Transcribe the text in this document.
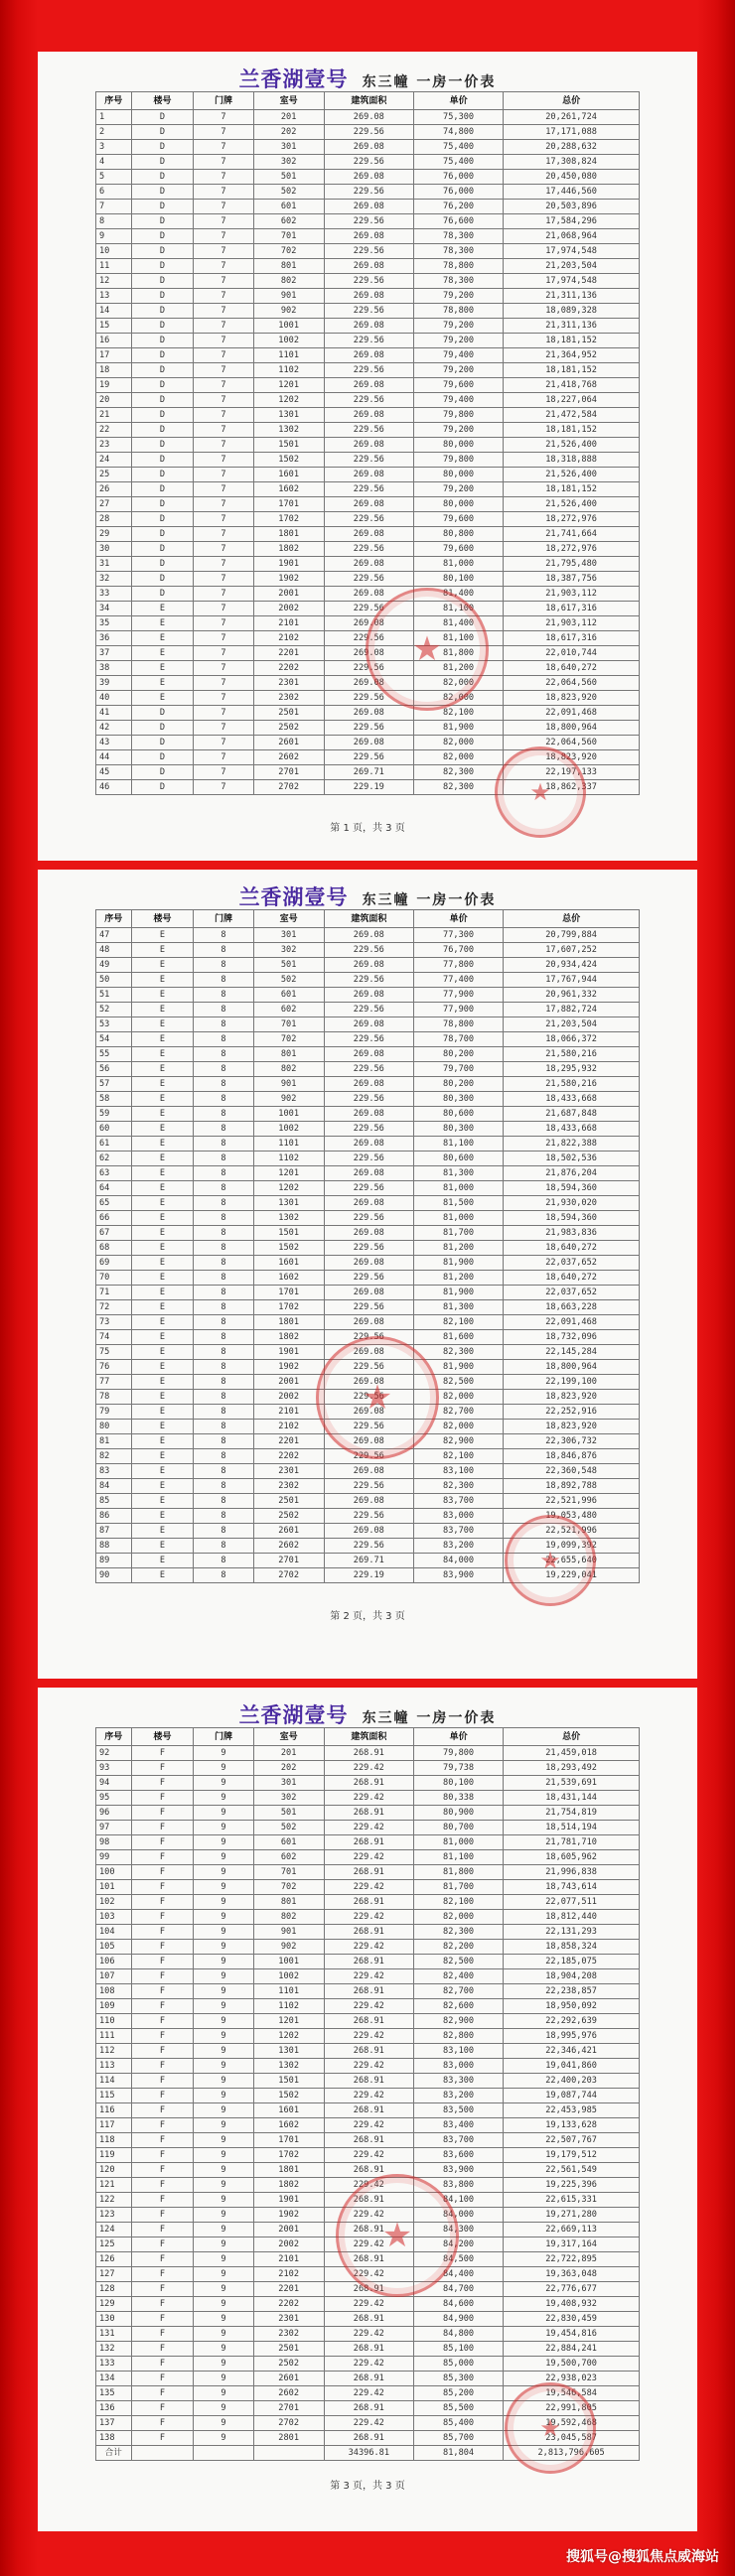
兰香湖壹号 东三幢 一房一价表
序号	楼号	门牌	室号	建筑面积	单价	总价
1	D	7	201	269.08	75,300	20,261,724
2	D	7	202	229.56	74,800	17,171,088
3	D	7	301	269.08	75,400	20,288,632
4	D	7	302	229.56	75,400	17,308,824
5	D	7	501	269.08	76,000	20,450,080
6	D	7	502	229.56	76,000	17,446,560
7	D	7	601	269.08	76,200	20,503,896
8	D	7	602	229.56	76,600	17,584,296
9	D	7	701	269.08	78,300	21,068,964
10	D	7	702	229.56	78,300	17,974,548
11	D	7	801	269.08	78,800	21,203,504
12	D	7	802	229.56	78,300	17,974,548
13	D	7	901	269.08	79,200	21,311,136
14	D	7	902	229.56	78,800	18,089,328
15	D	7	1001	269.08	79,200	21,311,136
16	D	7	1002	229.56	79,200	18,181,152
17	D	7	1101	269.08	79,400	21,364,952
18	D	7	1102	229.56	79,200	18,181,152
19	D	7	1201	269.08	79,600	21,418,768
20	D	7	1202	229.56	79,400	18,227,064
21	D	7	1301	269.08	79,800	21,472,584
22	D	7	1302	229.56	79,200	18,181,152
23	D	7	1501	269.08	80,000	21,526,400
24	D	7	1502	229.56	79,800	18,318,888
25	D	7	1601	269.08	80,000	21,526,400
26	D	7	1602	229.56	79,200	18,181,152
27	D	7	1701	269.08	80,000	21,526,400
28	D	7	1702	229.56	79,600	18,272,976
29	D	7	1801	269.08	80,800	21,741,664
30	D	7	1802	229.56	79,600	18,272,976
31	D	7	1901	269.08	81,000	21,795,480
32	D	7	1902	229.56	80,100	18,387,756
33	D	7	2001	269.08	81,400	21,903,112
34	E	7	2002	229.56	81,100	18,617,316
35	E	7	2101	269.08	81,400	21,903,112
36	E	7	2102	229.56	81,100	18,617,316
37	E	7	2201	269.08	81,800	22,010,744
38	E	7	2202	229.56	81,200	18,640,272
39	E	7	2301	269.08	82,000	22,064,560
40	E	7	2302	229.56	82,000	18,823,920
41	D	7	2501	269.08	82,100	22,091,468
42	D	7	2502	229.56	81,900	18,800,964
43	D	7	2601	269.08	82,000	22,064,560
44	D	7	2602	229.56	82,000	18,823,920
45	D	7	2701	269.71	82,300	22,197,133
46	D	7	2702	229.19	82,300	18,862,337
第 1 页，共 3 页
★
★
兰香湖壹号 东三幢 一房一价表
序号	楼号	门牌	室号	建筑面积	单价	总价
47	E	8	301	269.08	77,300	20,799,884
48	E	8	302	229.56	76,700	17,607,252
49	E	8	501	269.08	77,800	20,934,424
50	E	8	502	229.56	77,400	17,767,944
51	E	8	601	269.08	77,900	20,961,332
52	E	8	602	229.56	77,900	17,882,724
53	E	8	701	269.08	78,800	21,203,504
54	E	8	702	229.56	78,700	18,066,372
55	E	8	801	269.08	80,200	21,580,216
56	E	8	802	229.56	79,700	18,295,932
57	E	8	901	269.08	80,200	21,580,216
58	E	8	902	229.56	80,300	18,433,668
59	E	8	1001	269.08	80,600	21,687,848
60	E	8	1002	229.56	80,300	18,433,668
61	E	8	1101	269.08	81,100	21,822,388
62	E	8	1102	229.56	80,600	18,502,536
63	E	8	1201	269.08	81,300	21,876,204
64	E	8	1202	229.56	81,000	18,594,360
65	E	8	1301	269.08	81,500	21,930,020
66	E	8	1302	229.56	81,000	18,594,360
67	E	8	1501	269.08	81,700	21,983,836
68	E	8	1502	229.56	81,200	18,640,272
69	E	8	1601	269.08	81,900	22,037,652
70	E	8	1602	229.56	81,200	18,640,272
71	E	8	1701	269.08	81,900	22,037,652
72	E	8	1702	229.56	81,300	18,663,228
73	E	8	1801	269.08	82,100	22,091,468
74	E	8	1802	229.56	81,600	18,732,096
75	E	8	1901	269.08	82,300	22,145,284
76	E	8	1902	229.56	81,900	18,800,964
77	E	8	2001	269.08	82,500	22,199,100
78	E	8	2002	229.56	82,000	18,823,920
79	E	8	2101	269.08	82,700	22,252,916
80	E	8	2102	229.56	82,000	18,823,920
81	E	8	2201	269.08	82,900	22,306,732
82	E	8	2202	229.56	82,100	18,846,876
83	E	8	2301	269.08	83,100	22,360,548
84	E	8	2302	229.56	82,300	18,892,788
85	E	8	2501	269.08	83,700	22,521,996
86	E	8	2502	229.56	83,000	19,053,480
87	E	8	2601	269.08	83,700	22,521,996
88	E	8	2602	229.56	83,200	19,099,392
89	E	8	2701	269.71	84,000	22,655,640
90	E	8	2702	229.19	83,900	19,229,041
第 2 页，共 3 页
★
★
兰香湖壹号 东三幢 一房一价表
序号	楼号	门牌	室号	建筑面积	单价	总价
92	F	9	201	268.91	79,800	21,459,018
93	F	9	202	229.42	79,738	18,293,492
94	F	9	301	268.91	80,100	21,539,691
95	F	9	302	229.42	80,338	18,431,144
96	F	9	501	268.91	80,900	21,754,819
97	F	9	502	229.42	80,700	18,514,194
98	F	9	601	268.91	81,000	21,781,710
99	F	9	602	229.42	81,100	18,605,962
100	F	9	701	268.91	81,800	21,996,838
101	F	9	702	229.42	81,700	18,743,614
102	F	9	801	268.91	82,100	22,077,511
103	F	9	802	229.42	82,000	18,812,440
104	F	9	901	268.91	82,300	22,131,293
105	F	9	902	229.42	82,200	18,858,324
106	F	9	1001	268.91	82,500	22,185,075
107	F	9	1002	229.42	82,400	18,904,208
108	F	9	1101	268.91	82,700	22,238,857
109	F	9	1102	229.42	82,600	18,950,092
110	F	9	1201	268.91	82,900	22,292,639
111	F	9	1202	229.42	82,800	18,995,976
112	F	9	1301	268.91	83,100	22,346,421
113	F	9	1302	229.42	83,000	19,041,860
114	F	9	1501	268.91	83,300	22,400,203
115	F	9	1502	229.42	83,200	19,087,744
116	F	9	1601	268.91	83,500	22,453,985
117	F	9	1602	229.42	83,400	19,133,628
118	F	9	1701	268.91	83,700	22,507,767
119	F	9	1702	229.42	83,600	19,179,512
120	F	9	1801	268.91	83,900	22,561,549
121	F	9	1802	229.42	83,800	19,225,396
122	F	9	1901	268.91	84,100	22,615,331
123	F	9	1902	229.42	84,000	19,271,280
124	F	9	2001	268.91	84,300	22,669,113
125	F	9	2002	229.42	84,200	19,317,164
126	F	9	2101	268.91	84,500	22,722,895
127	F	9	2102	229.42	84,400	19,363,048
128	F	9	2201	268.91	84,700	22,776,677
129	F	9	2202	229.42	84,600	19,408,932
130	F	9	2301	268.91	84,900	22,830,459
131	F	9	2302	229.42	84,800	19,454,816
132	F	9	2501	268.91	85,100	22,884,241
133	F	9	2502	229.42	85,000	19,500,700
134	F	9	2601	268.91	85,300	22,938,023
135	F	9	2602	229.42	85,200	19,546,584
136	F	9	2701	268.91	85,500	22,991,805
137	F	9	2702	229.42	85,400	19,592,468
138	F	9	2801	268.91	85,700	23,045,587
合计				34396.81	81,804	2,813,796,605
第 3 页，共 3 页
★
★
搜狐号@搜狐焦点威海站
